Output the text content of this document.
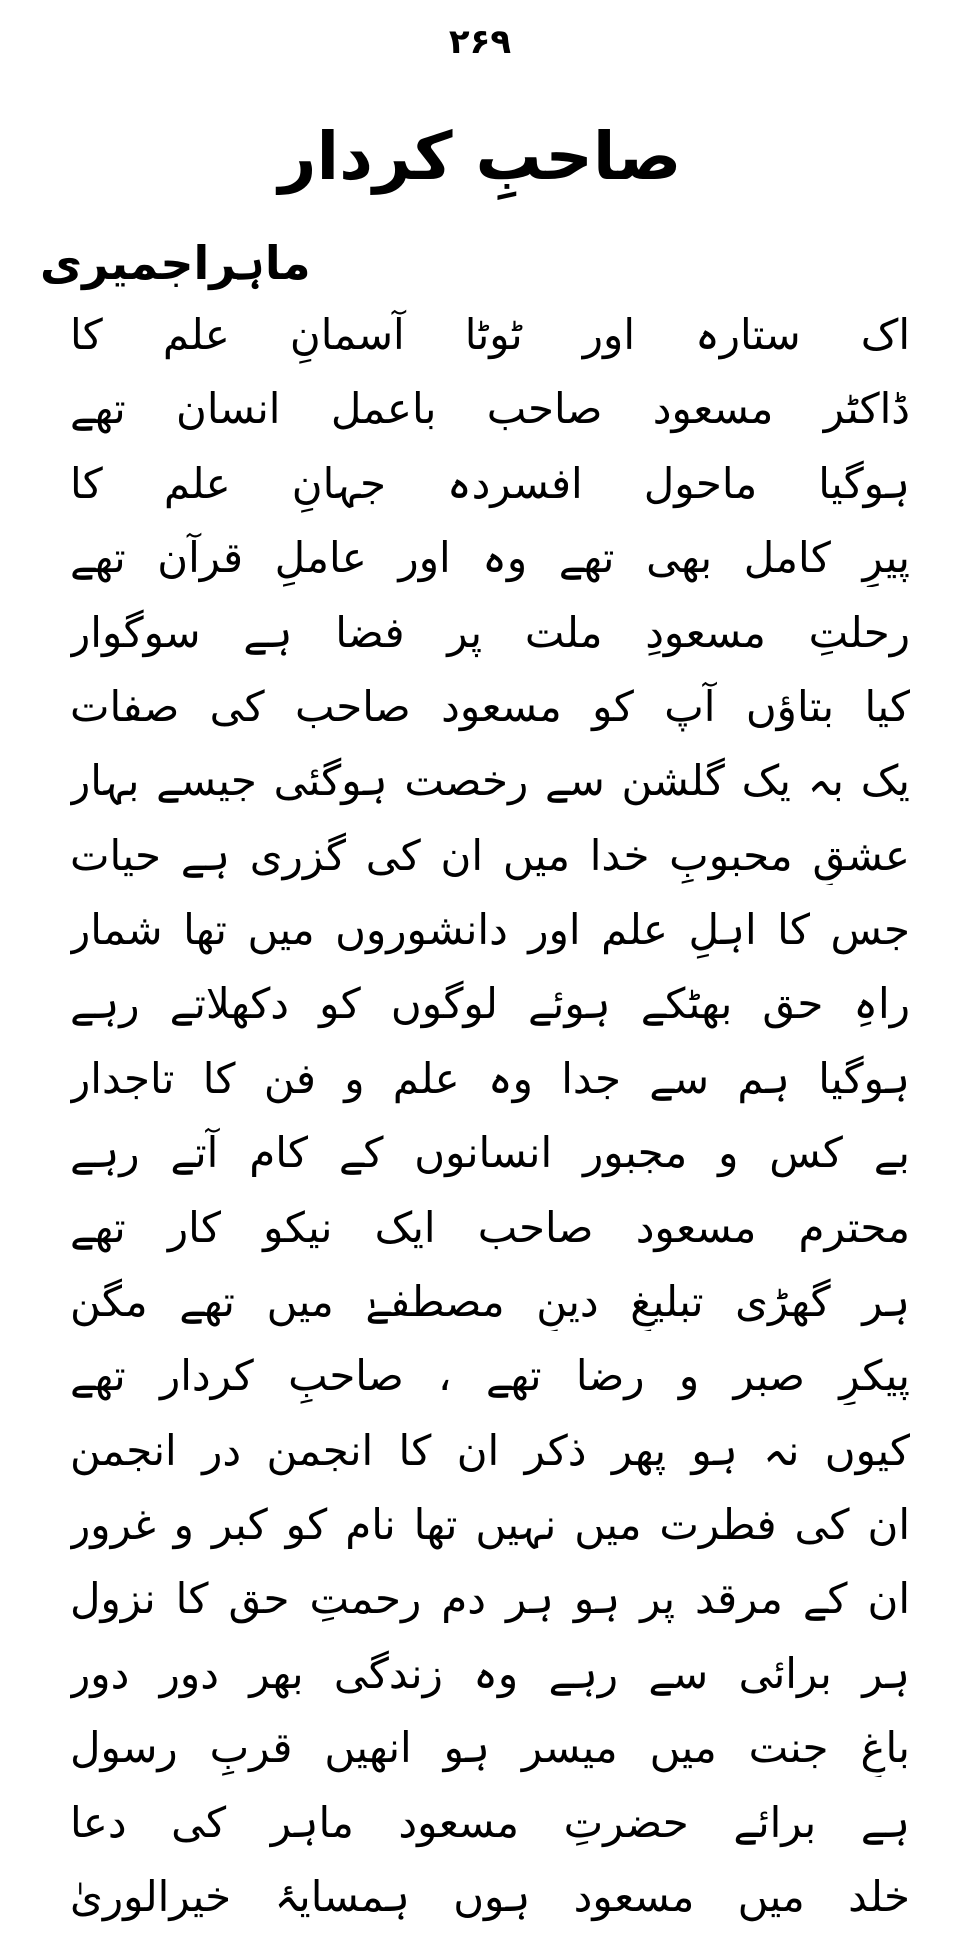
۲۶۹
صاحبِ کردار
ماہراجمیری
اک ستارہ اور ٹوٹا آسمانِ علم کا
ڈاکٹر مسعود صاحب باعمل انسان تھے
ہوگیا ماحول افسردہ جہانِ علم کا
پیرِ کامل بھی تھے وہ اور عاملِ قرآن تھے
رحلتِ مسعودِ ملت پر فضا ہے سوگوار
کیا بتاؤں آپ کو مسعود صاحب کی صفات
یک بہ یک گلشن سے رخصت ہوگئی جیسے بہار
عشقِ محبوبِ خدا میں ان کی گزری ہے حیات
جس کا اہلِ علم اور دانشوروں میں تھا شمار
راہِ حق بھٹکے ہوئے لوگوں کو دکھلاتے رہے
ہوگیا ہم سے جدا وہ علم و فن کا تاجدار
بے کس و مجبور انسانوں کے کام آتے رہے
محترم مسعود صاحب ایک نیکو کار تھے
ہر گھڑی تبلیغِ دینِ مصطفےٰ میں تھے مگن
پیکرِ صبر و رضا تھے ، صاحبِ کردار تھے
کیوں نہ ہو پھر ذکر ان کا انجمن در انجمن
ان کی فطرت میں نہیں تھا نام کو کبر و غرور
ان کے مرقد پر ہو ہر دم رحمتِ حق کا نزول
ہر برائی سے رہے وہ زندگی بھر دور دور
باغِ جنت میں میسر ہو انھیں قربِ رسول
ہے برائے حضرتِ مسعود ماہر کی دعا
خلد میں مسعود ہوں ہمسایۂ خیرالوریٰ
